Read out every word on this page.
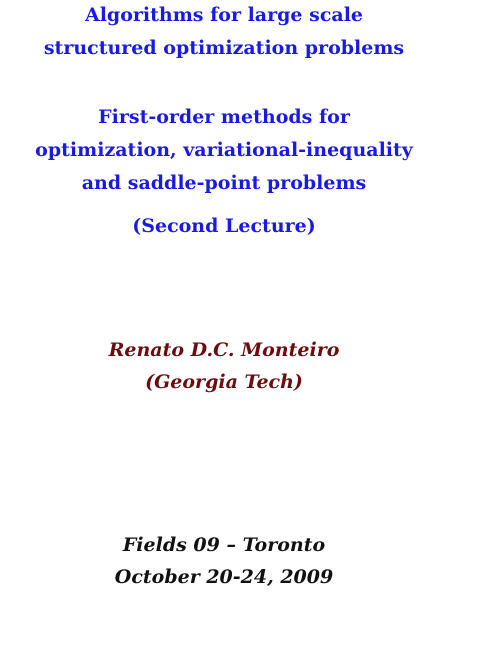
Algorithms for large scale
structured optimization problems
First-order methods for
optimization, variational-inequality
and saddle-point problems
(Second Lecture)
Renato D.C. Monteiro
(Georgia Tech)
Fields 09 – Toronto
October 20-24, 2009
